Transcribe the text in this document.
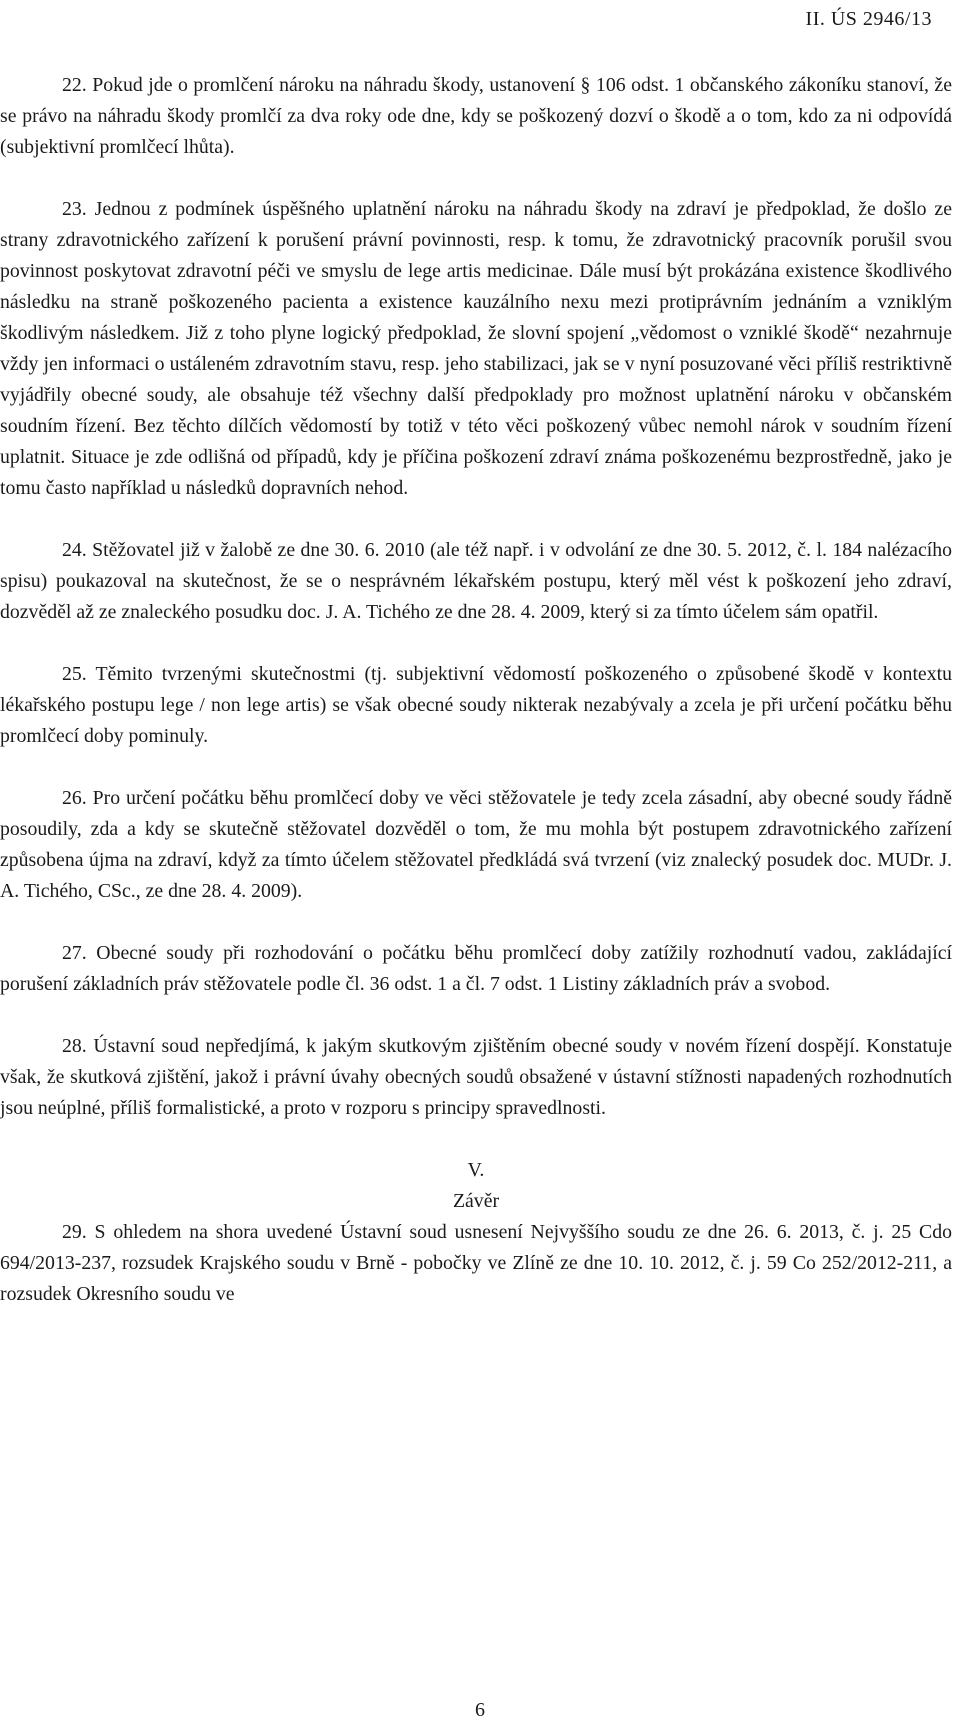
II. ÚS 2946/13

22. Pokud jde o promlčení nároku na náhradu škody, ustanovení § 106 odst. 1 občanského zákoníku stanoví, že se právo na náhradu škody promlčí za dva roky ode dne, kdy se poškozený dozví o škodě a o tom, kdo za ni odpovídá (subjektivní promlčecí lhůta).

23. Jednou z podmínek úspěšného uplatnění nároku na náhradu škody na zdraví je předpoklad, že došlo ze strany zdravotnického zařízení k porušení právní povinnosti, resp. k tomu, že zdravotnický pracovník porušil svou povinnost poskytovat zdravotní péči ve smyslu de lege artis medicinae. Dále musí být prokázána existence škodlivého následku na straně poškozeného pacienta a existence kauzálního nexu mezi protiprávním jednáním a vzniklým škodlivým následkem. Již z toho plyne logický předpoklad, že slovní spojení „vědomost o vzniklé škodě“ nezahrnuje vždy jen informaci o ustáleném zdravotním stavu, resp. jeho stabilizaci, jak se v nyní posuzované věci příliš restriktivně vyjádřily obecné soudy, ale obsahuje též všechny další předpoklady pro možnost uplatnění nároku v občanském soudním řízení. Bez těchto dílčích vědomostí by totiž v této věci poškozený vůbec nemohl nárok v soudním řízení uplatnit. Situace je zde odlišná od případů, kdy je příčina poškození zdraví známa poškozenému bezprostředně, jako je tomu často například u následků dopravních nehod.

24. Stěžovatel již v žalobě ze dne 30. 6. 2010 (ale též např. i v odvolání ze dne 30. 5. 2012, č. l. 184 nalézacího spisu) poukazoval na skutečnost, že se o nesprávném lékařském postupu, který měl vést k poškození jeho zdraví, dozvěděl až ze znaleckého posudku doc. J. A. Tichého ze dne 28. 4. 2009, který si za tímto účelem sám opatřil.

25. Těmito tvrzenými skutečnostmi (tj. subjektivní vědomostí poškozeného o způsobené škodě v kontextu lékařského postupu lege / non lege artis) se však obecné soudy nikterak nezabývaly a zcela je při určení počátku běhu promlčecí doby pominuly.

26. Pro určení počátku běhu promlčecí doby ve věci stěžovatele je tedy zcela zásadní, aby obecné soudy řádně posoudily, zda a kdy se skutečně stěžovatel dozvěděl o tom, že mu mohla být postupem zdravotnického zařízení způsobena újma na zdraví, když za tímto účelem stěžovatel předkládá svá tvrzení (viz znalecký posudek doc. MUDr. J. A. Tichého, CSc., ze dne 28. 4. 2009).

27. Obecné soudy při rozhodování o počátku běhu promlčecí doby zatížily rozhodnutí vadou, zakládající porušení základních práv stěžovatele podle čl. 36 odst. 1 a čl. 7 odst. 1 Listiny základních práv a svobod.

28. Ústavní soud nepředjímá, k jakým skutkovým zjištěním obecné soudy v novém řízení dospějí. Konstatuje však, že skutková zjištění, jakož i právní úvahy obecných soudů obsažené v ústavní stížnosti napadených rozhodnutích jsou neúplné, příliš formalistické, a proto v rozporu s principy spravedlnosti.

V.
Závěr

29. S ohledem na shora uvedené Ústavní soud usnesení Nejvyššího soudu ze dne 26. 6. 2013, č. j. 25 Cdo 694/2013-237, rozsudek Krajského soudu v Brně - pobočky ve Zlíně ze dne 10. 10. 2012, č. j. 59 Co 252/2012-211, a rozsudek Okresního soudu ve

6
